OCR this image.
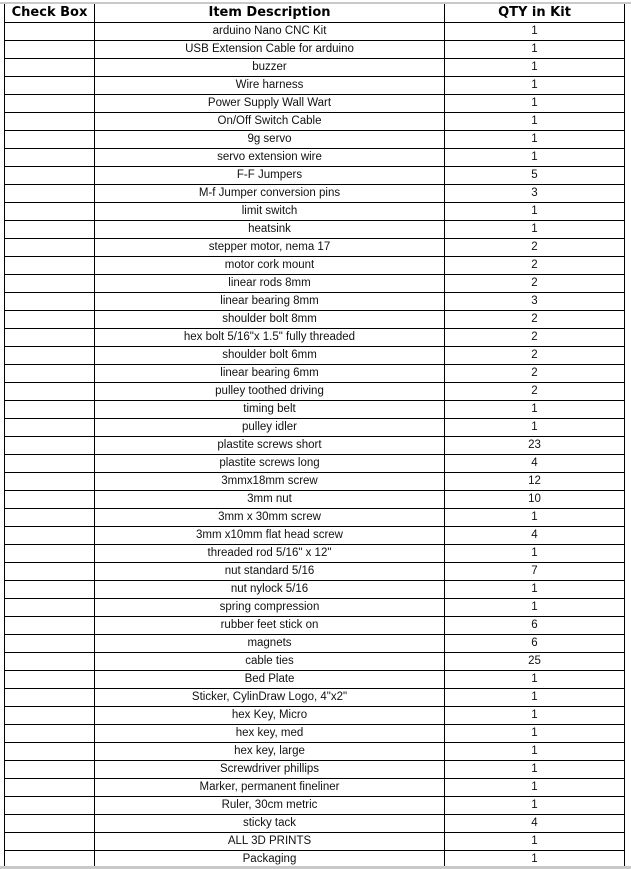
Check Box	Item Description	QTY in Kit
	arduino Nano CNC Kit	1
	USB Extension Cable for arduino	1
	buzzer	1
	Wire harness	1
	Power Supply Wall Wart	1
	On/Off Switch Cable	1
	9g servo	1
	servo extension wire	1
	F-F Jumpers	5
	M-f Jumper conversion pins	3
	limit switch	1
	heatsink	1
	stepper motor, nema 17	2
	motor cork mount	2
	linear rods 8mm	2
	linear bearing 8mm	3
	shoulder bolt 8mm	2
	hex bolt 5/16"x 1.5" fully threaded	2
	shoulder bolt 6mm	2
	linear bearing 6mm	2
	pulley toothed driving	2
	timing belt	1
	pulley idler	1
	plastite screws short	23
	plastite screws long	4
	3mmx18mm screw	12
	3mm nut	10
	3mm x 30mm screw	1
	3mm x10mm flat head screw	4
	threaded rod 5/16" x 12"	1
	nut standard 5/16	7
	nut nylock 5/16	1
	spring compression	1
	rubber feet stick on	6
	magnets	6
	cable ties	25
	Bed Plate	1
	Sticker, CylinDraw Logo, 4"x2"	1
	hex Key, Micro	1
	hex key, med	1
	hex key, large	1
	Screwdriver phillips	1
	Marker, permanent fineliner	1
	Ruler, 30cm metric	1
	sticky tack	4
	ALL 3D PRINTS	1
	Packaging	1
